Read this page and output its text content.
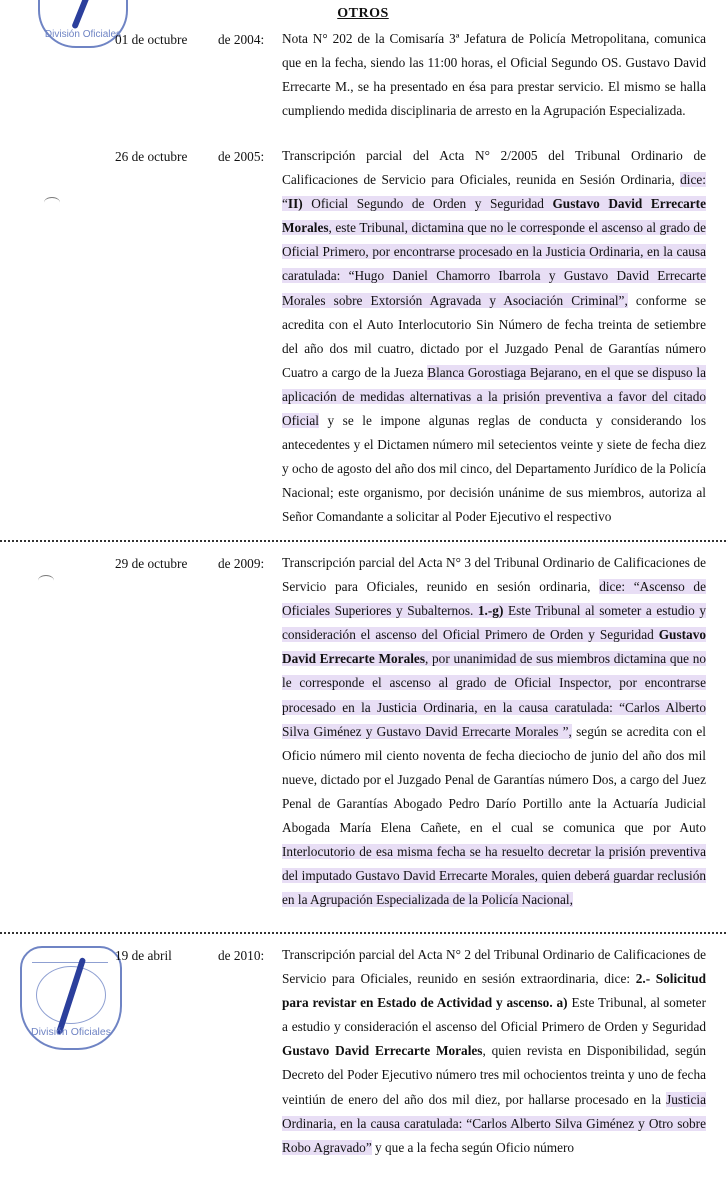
División Oficiales
OTROS
01 de octubre de 2004: Nota N° 202 de la Comisaría 3ª Jefatura de Policía Metropolitana, comunica que en la fecha, siendo las 11:00 horas, el Oficial Segundo OS. Gustavo David Errecarte M., se ha presentado en ésa para prestar servicio. El mismo se halla cumpliendo medida disciplinaria de arresto en la Agrupación Especializada.

26 de octubre de 2005: Transcripción parcial del Acta N° 2/2005 del Tribunal Ordinario de Calificaciones de Servicio para Oficiales, reunida en Sesión Ordinaria, dice: “II) Oficial Segundo de Orden y Seguridad Gustavo David Errecarte Morales, este Tribunal, dictamina que no le corresponde el ascenso al grado de Oficial Primero, por encontrarse procesado en la Justicia Ordinaria, en la causa caratulada: “Hugo Daniel Chamorro Ibarrola y Gustavo David Errecarte Morales sobre Extorsión Agravada y Asociación Criminal”, conforme se acredita con el Auto Interlocutorio Sin Número de fecha treinta de setiembre del año dos mil cuatro, dictado por el Juzgado Penal de Garantías número Cuatro a cargo de la Jueza Blanca Gorostiaga Bejarano, en el que se dispuso la aplicación de medidas alternativas a la prisión preventiva a favor del citado Oficial y se le impone algunas reglas de conducta y considerando los antecedentes y el Dictamen número mil setecientos veinte y siete de fecha diez y ocho de agosto del año dos mil cinco, del Departamento Jurídico de la Policía Nacional; este organismo, por decisión unánime de sus miembros, autoriza al Señor Comandante a solicitar al Poder Ejecutivo el respectivo

29 de octubre de 2009: Transcripción parcial del Acta N° 3 del Tribunal Ordinario de Calificaciones de Servicio para Oficiales, reunido en sesión ordinaria, dice: “Ascenso de Oficiales Superiores y Subalternos. 1.-g) Este Tribunal al someter a estudio y consideración el ascenso del Oficial Primero de Orden y Seguridad Gustavo David Errecarte Morales, por unanimidad de sus miembros dictamina que no le corresponde el ascenso al grado de Oficial Inspector, por encontrarse procesado en la Justicia Ordinaria, en la causa caratulada: “Carlos Alberto Silva Giménez y Gustavo David Errecarte Morales ”, según se acredita con el Oficio número mil ciento noventa de fecha dieciocho de junio del año dos mil nueve, dictado por el Juzgado Penal de Garantías número Dos, a cargo del Juez Penal de Garantías Abogado Pedro Darío Portillo ante la Actuaría Judicial Abogada María Elena Cañete, en el cual se comunica que por Auto Interlocutorio de esa misma fecha se ha resuelto decretar la prisión preventiva del imputado Gustavo David Errecarte Morales, quien deberá guardar reclusión en la Agrupación Especializada de la Policía Nacional,

División Oficiales
19 de abril	de 2010: Transcripción parcial del Acta N° 2 del Tribunal Ordinario de Calificaciones de Servicio para Oficiales, reunido en sesión extraordinaria, dice: 2.- Solicitud para revistar en Estado de Actividad y ascenso. a) Este Tribunal, al someter a estudio y consideración el ascenso del Oficial Primero de Orden y Seguridad Gustavo David Errecarte Morales, quien revista en Disponibilidad, según Decreto del Poder Ejecutivo número tres mil ochocientos treinta y uno de fecha veintiún de enero del año dos mil diez, por hallarse procesado en la Justicia Ordinaria, en la causa caratulada: “Carlos Alberto Silva Giménez y Otro sobre Robo Agravado” y que a la fecha según Oficio número
